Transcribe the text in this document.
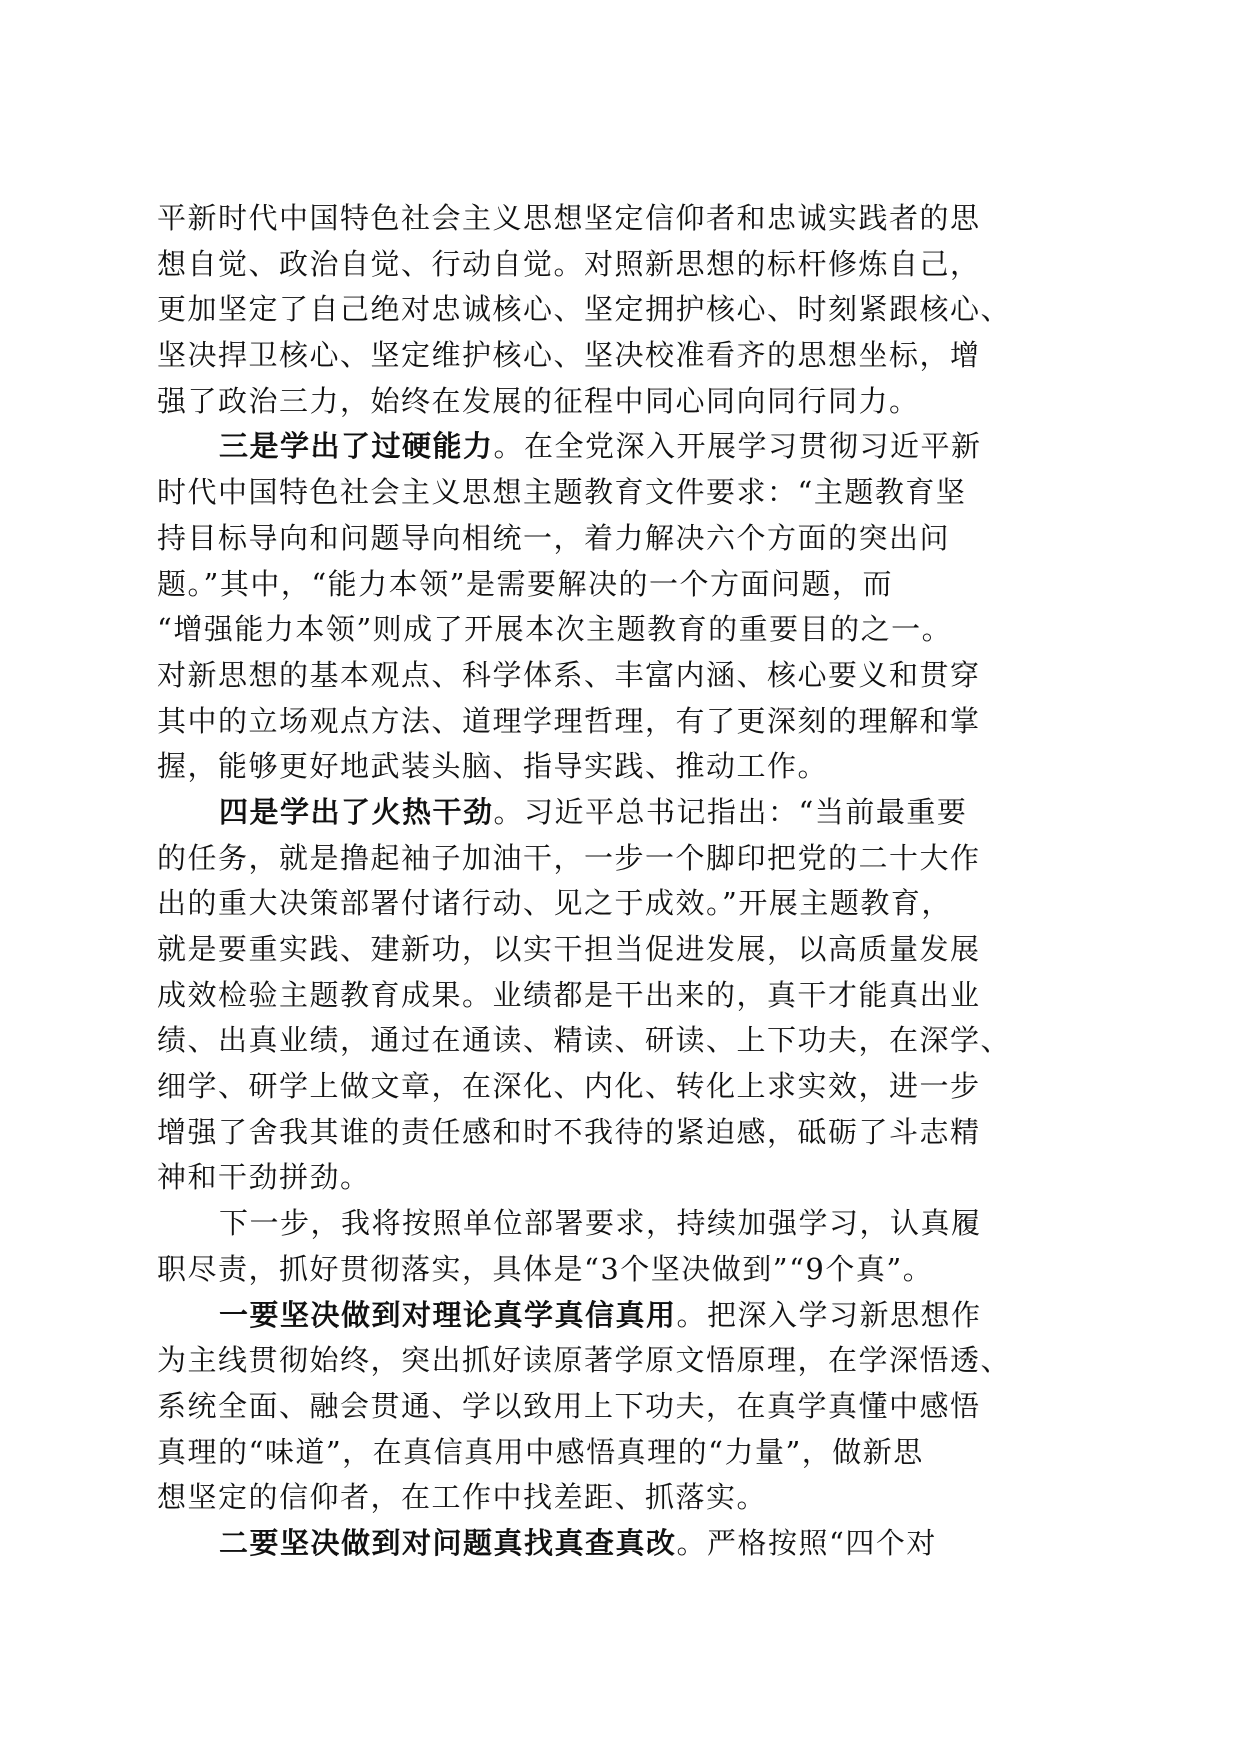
平新时代中国特色社会主义思想坚定信仰者和忠诚实践者的思
想自觉、政治自觉、行动自觉。对照新思想的标杆修炼自己，
更加坚定了自己绝对忠诚核心、坚定拥护核心、时刻紧跟核心、
坚决捍卫核心、坚定维护核心、坚决校准看齐的思想坐标，增
强了政治三力，始终在发展的征程中同心同向同行同力。
三是学出了过硬能力。在全党深入开展学习贯彻习近平新
时代中国特色社会主义思想主题教育文件要求：“主题教育坚
持目标导向和问题导向相统一，着力解决六个方面的突出问
题。”其中，“能力本领”是需要解决的一个方面问题，而
“增强能力本领”则成了开展本次主题教育的重要目的之一。
对新思想的基本观点、科学体系、丰富内涵、核心要义和贯穿
其中的立场观点方法、道理学理哲理，有了更深刻的理解和掌
握，能够更好地武装头脑、指导实践、推动工作。
四是学出了火热干劲。习近平总书记指出：“当前最重要
的任务，就是撸起袖子加油干，一步一个脚印把党的二十大作
出的重大决策部署付诸行动、见之于成效。”开展主题教育，
就是要重实践、建新功，以实干担当促进发展，以高质量发展
成效检验主题教育成果。业绩都是干出来的，真干才能真出业
绩、出真业绩，通过在通读、精读、研读、上下功夫，在深学、
细学、研学上做文章，在深化、内化、转化上求实效，进一步
增强了舍我其谁的责任感和时不我待的紧迫感，砥砺了斗志精
神和干劲拼劲。
下一步，我将按照单位部署要求，持续加强学习，认真履
职尽责，抓好贯彻落实，具体是“3个坚决做到”“9个真”。
一要坚决做到对理论真学真信真用。把深入学习新思想作
为主线贯彻始终，突出抓好读原著学原文悟原理，在学深悟透、
系统全面、融会贯通、学以致用上下功夫，在真学真懂中感悟
真理的“味道”，在真信真用中感悟真理的“力量”，做新思
想坚定的信仰者，在工作中找差距、抓落实。
二要坚决做到对问题真找真查真改。严格按照“四个对
